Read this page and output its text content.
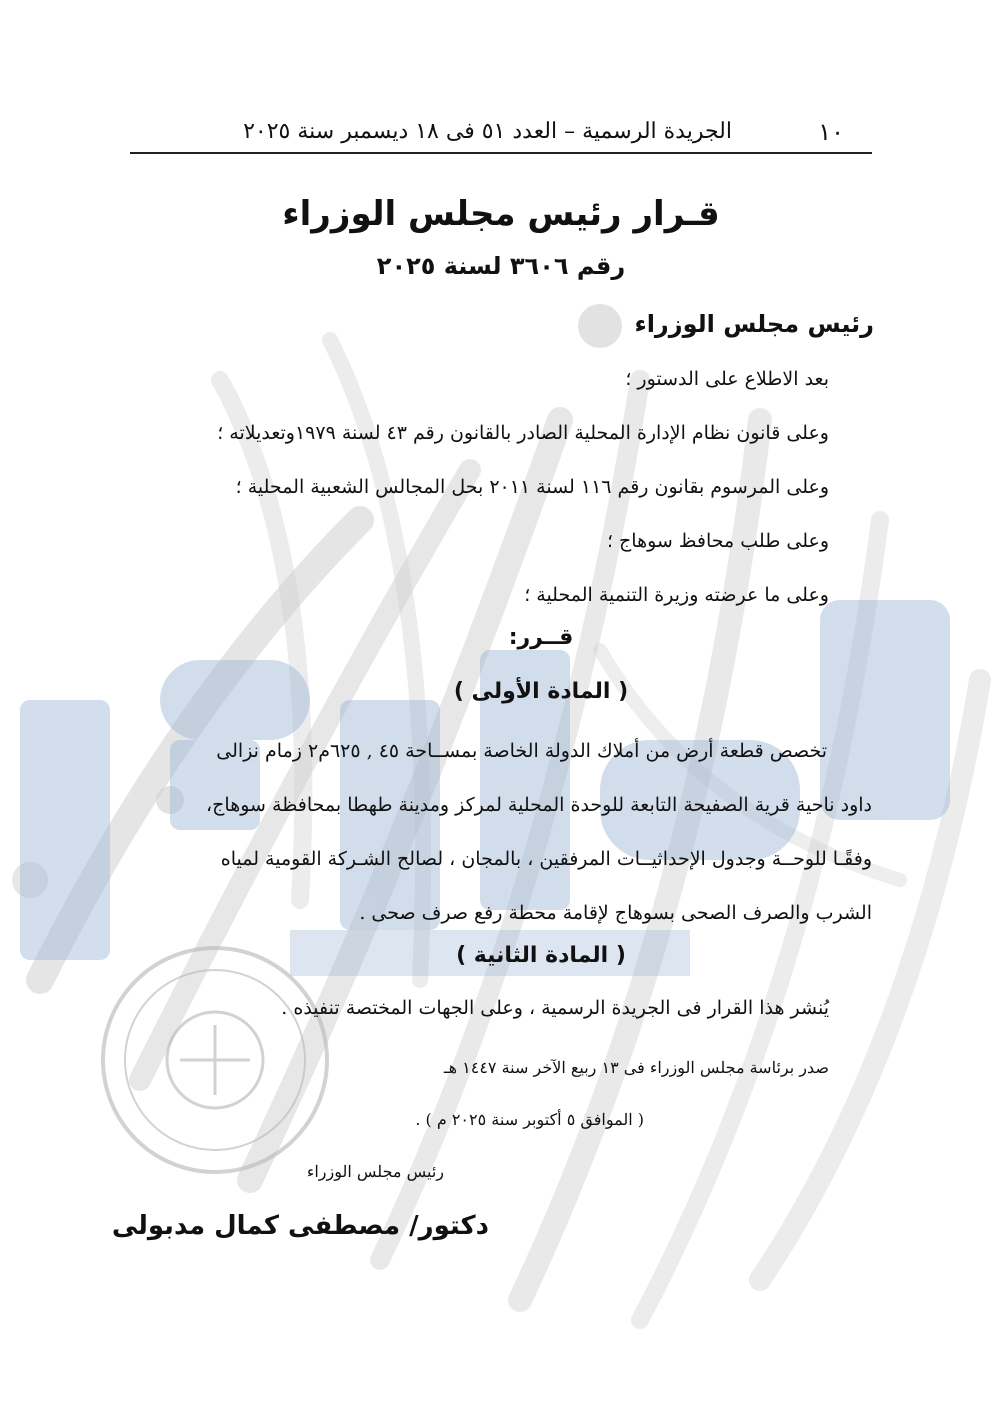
١٠
الجريدة الرسمية – العدد ٥١ فى ١٨ ديسمبر سنة ٢٠٢٥
قـرار رئيس مجلس الوزراء
رقم ٣٦٠٦ لسنة ٢٠٢٥
رئيس مجلس الوزراء
بعد الاطلاع على الدستور ؛
وعلى قانون نظام الإدارة المحلية الصادر بالقانون رقم ٤٣ لسنة ١٩٧٩وتعديلاته ؛
وعلى المرسوم بقانون رقم ١١٦ لسنة ٢٠١١ بحل المجالس الشعبية المحلية ؛
وعلى طلب محافظ سوهاج ؛
وعلى ما عرضته وزيرة التنمية المحلية ؛
قــرر:
( المادة الأولى )
تخصص قطعة أرض من أملاك الدولة الخاصة بمســاحة ٤٥ , ٦٢٥م٢ زمام نزالى
داود ناحية قرية الصفيحة التابعة للوحدة المحلية لمركز ومدينة طهطا بمحافظة سوهاج،
وفقًـا للوحــة وجدول الإحداثيــات المرفقين ، بالمجان ، لصالح الشـركة القومية لمياه
الشرب والصرف الصحى بسوهاج لإقامة محطة رفع صرف صحى .
( المادة الثانية )
يُنشر هذا القرار فى الجريدة الرسمية ، وعلى الجهات المختصة تنفيذه .
صدر برئاسة مجلس الوزراء فى ١٣ ربيع الآخر سنة ١٤٤٧ هـ
( الموافق ٥ أكتوبر سنة ٢٠٢٥ م ) .
رئيس مجلس الوزراء
دكتور/ مصطفى كمال مدبولى
